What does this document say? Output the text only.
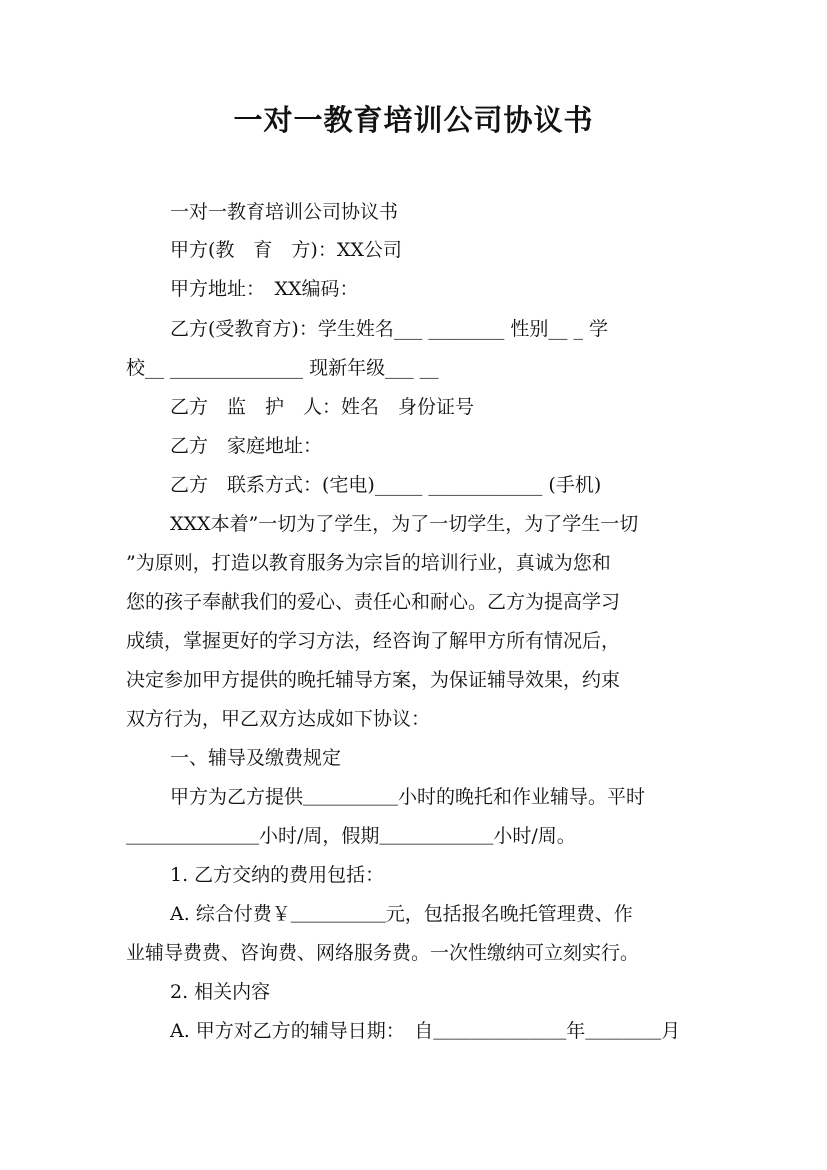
一对一教育培训公司协议书
一对一教育培训公司协议书
甲方(教　育　方)：XX公司
甲方地址：　XX编码：
乙方(受教育方)：学生姓名___ ________ 性别__ _ 学
校__ ______________ 现新年级___ __
乙方　监　护　人：姓名　身份证号
乙方　家庭地址：
乙方　联系方式：(宅电)_____ ____________ (手机)
XXX本着”一切为了学生，为了一切学生，为了学生一切
”为原则，打造以教育服务为宗旨的培训行业，真诚为您和
您的孩子奉献我们的爱心、责任心和耐心。乙方为提高学习
成绩，掌握更好的学习方法，经咨询了解甲方所有情况后，
决定参加甲方提供的晚托辅导方案，为保证辅导效果，约束
双方行为，甲乙双方达成如下协议：
一、辅导及缴费规定
甲方为乙方提供＿＿＿＿＿小时的晚托和作业辅导。平时
＿＿＿＿＿＿＿小时/周，假期＿＿＿＿＿＿小时/周。
1. 乙方交纳的费用包括：
A. 综合付费￥＿＿＿＿＿元，包括报名晚托管理费、作
业辅导费费、咨询费、网络服务费。一次性缴纳可立刻实行。
2. 相关内容
A. 甲方对乙方的辅导日期：　自＿＿＿＿＿＿＿年＿＿＿＿月
